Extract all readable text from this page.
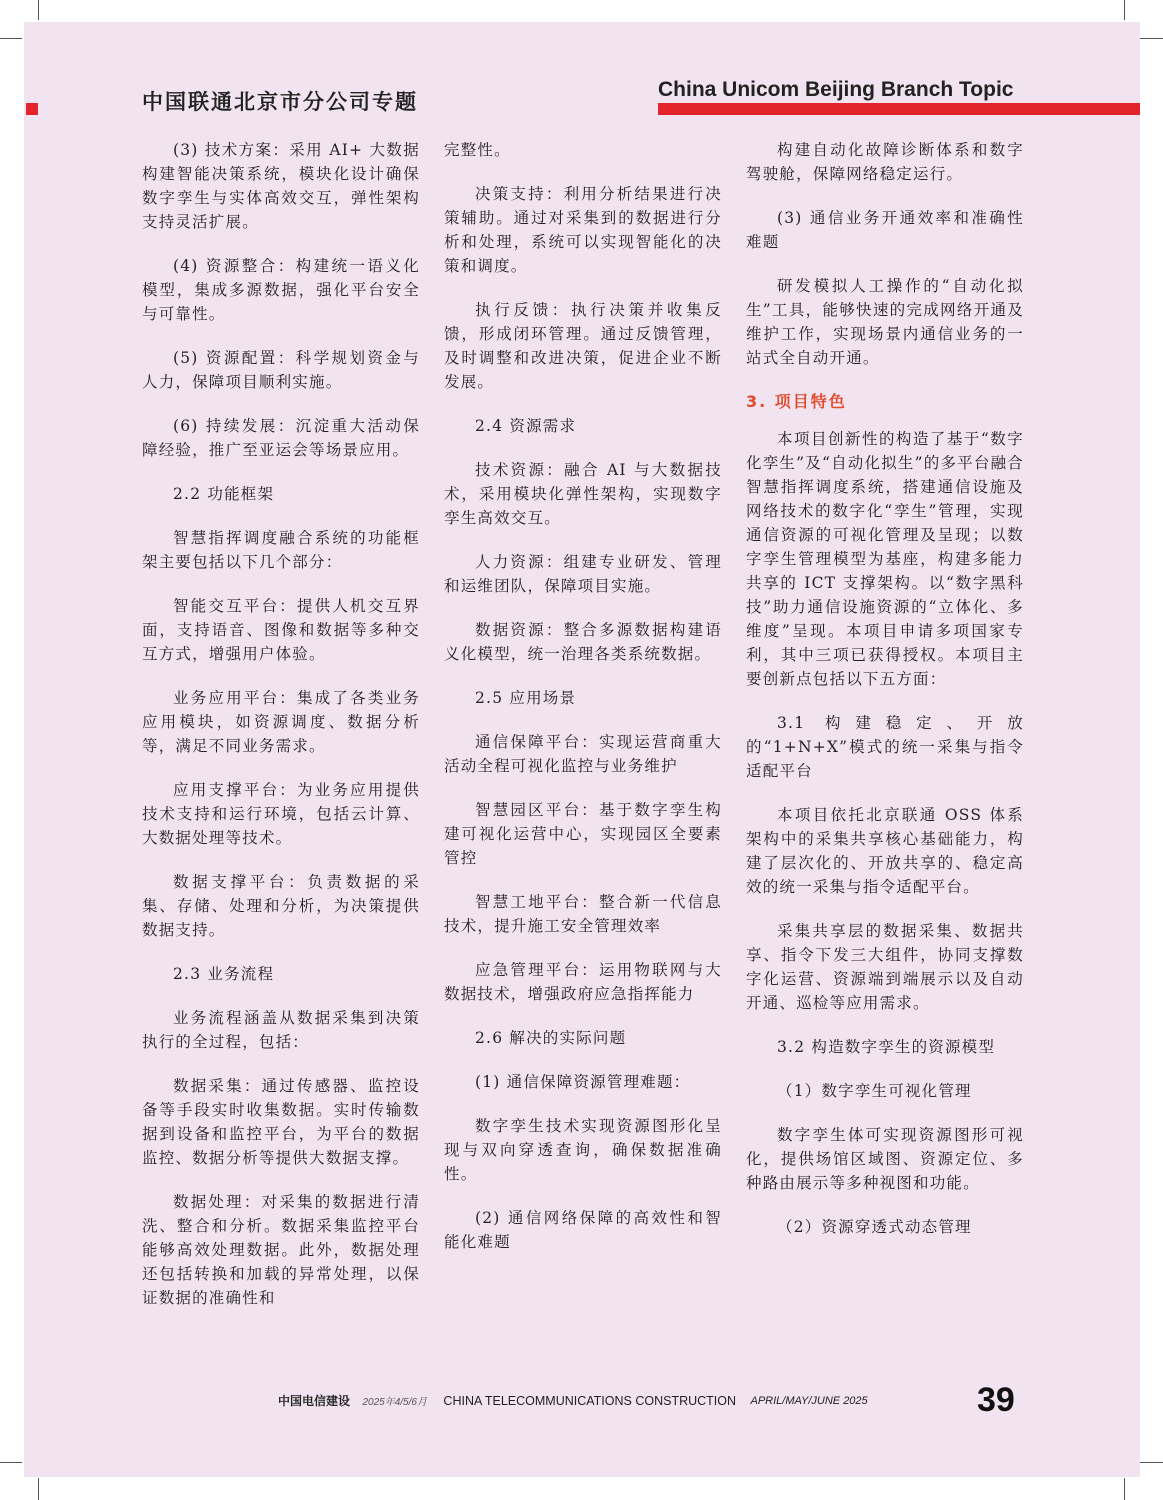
中国联通北京市分公司专题
China Unicom Beijing Branch Topic

(3) 技术方案：采用 AI+ 大数据构建智能决策系统，模块化设计确保数字孪生与实体高效交互，弹性架构支持灵活扩展。

(4) 资源整合：构建统一语义化模型，集成多源数据，强化平台安全与可靠性。

(5) 资源配置：科学规划资金与人力，保障项目顺利实施。

(6) 持续发展：沉淀重大活动保障经验，推广至亚运会等场景应用。

2.2 功能框架

智慧指挥调度融合系统的功能框架主要包括以下几个部分：

智能交互平台：提供人机交互界面，支持语音、图像和数据等多种交互方式，增强用户体验。

业务应用平台：集成了各类业务应用模块，如资源调度、数据分析等，满足不同业务需求。

应用支撑平台：为业务应用提供技术支持和运行环境，包括云计算、大数据处理等技术。

数据支撑平台：负责数据的采集、存储、处理和分析，为决策提供数据支持。

2.3 业务流程

业务流程涵盖从数据采集到决策执行的全过程，包括：

数据采集：通过传感器、监控设备等手段实时收集数据。实时传输数据到设备和监控平台，为平台的数据监控、数据分析等提供大数据支撑。

数据处理：对采集的数据进行清洗、整合和分析。数据采集监控平台能够高效处理数据。此外，数据处理还包括转换和加载的异常处理，以保证数据的准确性和

完整性。

决策支持：利用分析结果进行决策辅助。通过对采集到的数据进行分析和处理，系统可以实现智能化的决策和调度。

执行反馈：执行决策并收集反馈，形成闭环管理。通过反馈管理，及时调整和改进决策，促进企业不断发展。

2.4 资源需求

技术资源：融合 AI 与大数据技术，采用模块化弹性架构，实现数字孪生高效交互。

人力资源：组建专业研发、管理和运维团队，保障项目实施。

数据资源：整合多源数据构建语义化模型，统一治理各类系统数据。

2.5 应用场景

通信保障平台：实现运营商重大活动全程可视化监控与业务维护

智慧园区平台：基于数字孪生构建可视化运营中心，实现园区全要素管控

智慧工地平台：整合新一代信息技术，提升施工安全管理效率

应急管理平台：运用物联网与大数据技术，增强政府应急指挥能力

2.6 解决的实际问题

(1) 通信保障资源管理难题：

数字孪生技术实现资源图形化呈现与双向穿透查询，确保数据准确性。

(2) 通信网络保障的高效性和智能化难题

构建自动化故障诊断体系和数字驾驶舱，保障网络稳定运行。

(3) 通信业务开通效率和准确性难题

研发模拟人工操作的“自动化拟生”工具，能够快速的完成网络开通及维护工作，实现场景内通信业务的一站式全自动开通。

3. 项目特色

本项目创新性的构造了基于“数字化孪生”及“自动化拟生”的多平台融合智慧指挥调度系统，搭建通信设施及网络技术的数字化“孪生”管理，实现通信资源的可视化管理及呈现；以数字孪生管理模型为基座，构建多能力共享的 ICT 支撑架构。以“数字黑科技”助力通信设施资源的“立体化、多维度”呈现。本项目申请多项国家专利，其中三项已获得授权。本项目主要创新点包括以下五方面：

3.1 构建稳定、开放的“1+N+X”模式的统一采集与指令适配平台

本项目依托北京联通 OSS 体系架构中的采集共享核心基础能力，构建了层次化的、开放共享的、稳定高效的统一采集与指令适配平台。

采集共享层的数据采集、数据共享、指令下发三大组件，协同支撑数字化运营、资源端到端展示以及自动开通、巡检等应用需求。

3.2 构造数字孪生的资源模型

（1）数字孪生可视化管理

数字孪生体可实现资源图形可视化，提供场馆区域图、资源定位、多种路由展示等多种视图和功能。

（2）资源穿透式动态管理

中国电信建设 2025年4/5/6月 CHINA TELECOMMUNICATIONS CONSTRUCTION APRIL/MAY/JUNE 2025	39
